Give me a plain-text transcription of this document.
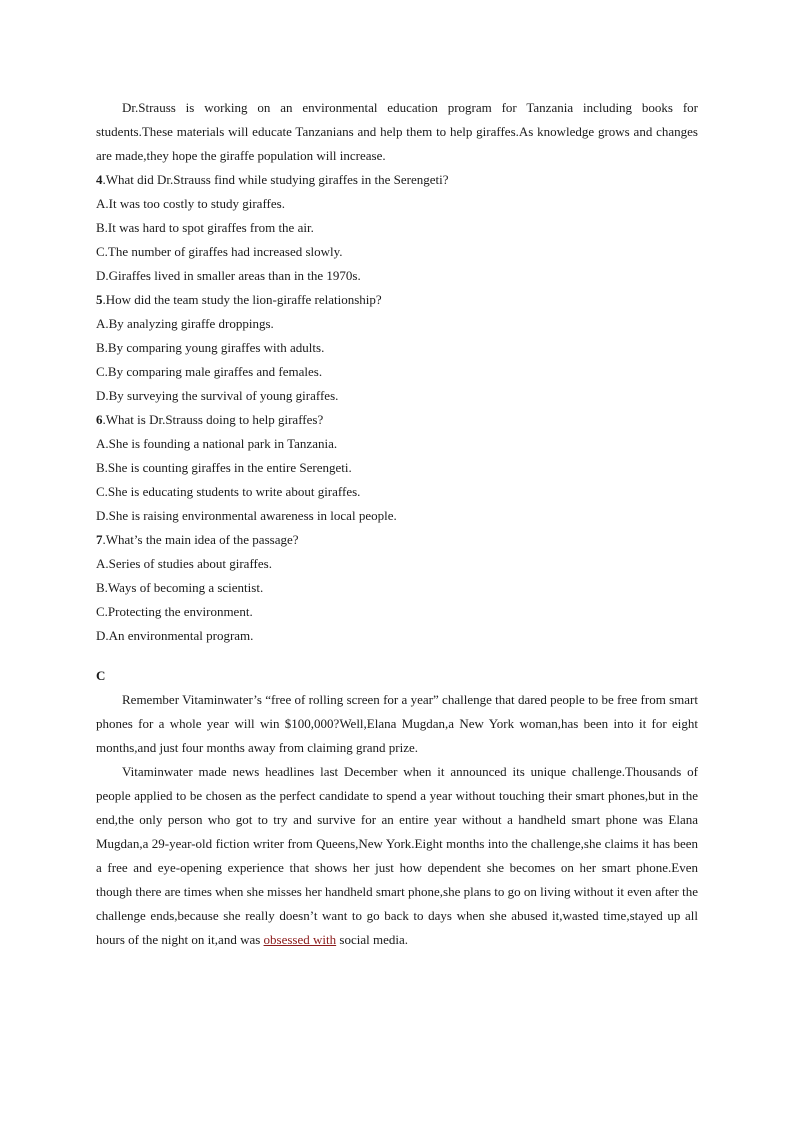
Dr.Strauss is working on an environmental education program for Tanzania including books for students.These materials will educate Tanzanians and help them to help giraffes.As knowledge grows and changes are made,they hope the giraffe population will increase.

4.What did Dr.Strauss find while studying giraffes in the Serengeti?

A.It was too costly to study giraffes.

B.It was hard to spot giraffes from the air.

C.The number of giraffes had increased slowly.

D.Giraffes lived in smaller areas than in the 1970s.

5.How did the team study the lion-giraffe relationship?

A.By analyzing giraffe droppings.

B.By comparing young giraffes with adults.

C.By comparing male giraffes and females.

D.By surveying the survival of young giraffes.

6.What is Dr.Strauss doing to help giraffes?

A.She is founding a national park in Tanzania.

B.She is counting giraffes in the entire Serengeti.

C.She is educating students to write about giraffes.

D.She is raising environmental awareness in local people.

7.What’s the main idea of the passage?

A.Series of studies about giraffes.

B.Ways of becoming a scientist.

C.Protecting the environment.

D.An environmental program.

C

Remember Vitaminwater’s “free of rolling screen for a year” challenge that dared people to be free from smart phones for a whole year will win $100,000?Well,Elana Mugdan,a New York woman,has been into it for eight months,and just four months away from claiming grand prize.

Vitaminwater made news headlines last December when it announced its unique challenge.Thousands of people applied to be chosen as the perfect candidate to spend a year without touching their smart phones,but in the end,the only person who got to try and survive for an entire year without a handheld smart phone was Elana Mugdan,a 29-year-old fiction writer from Queens,New York.Eight months into the challenge,she claims it has been a free and eye-opening experience that shows her just how dependent she becomes on her smart phone.Even though there are times when she misses her handheld smart phone,she plans to go on living without it even after the challenge ends,because she really doesn’t want to go back to days when she abused it,wasted time,stayed up all hours of the night on it,and was obsessed with social media.
